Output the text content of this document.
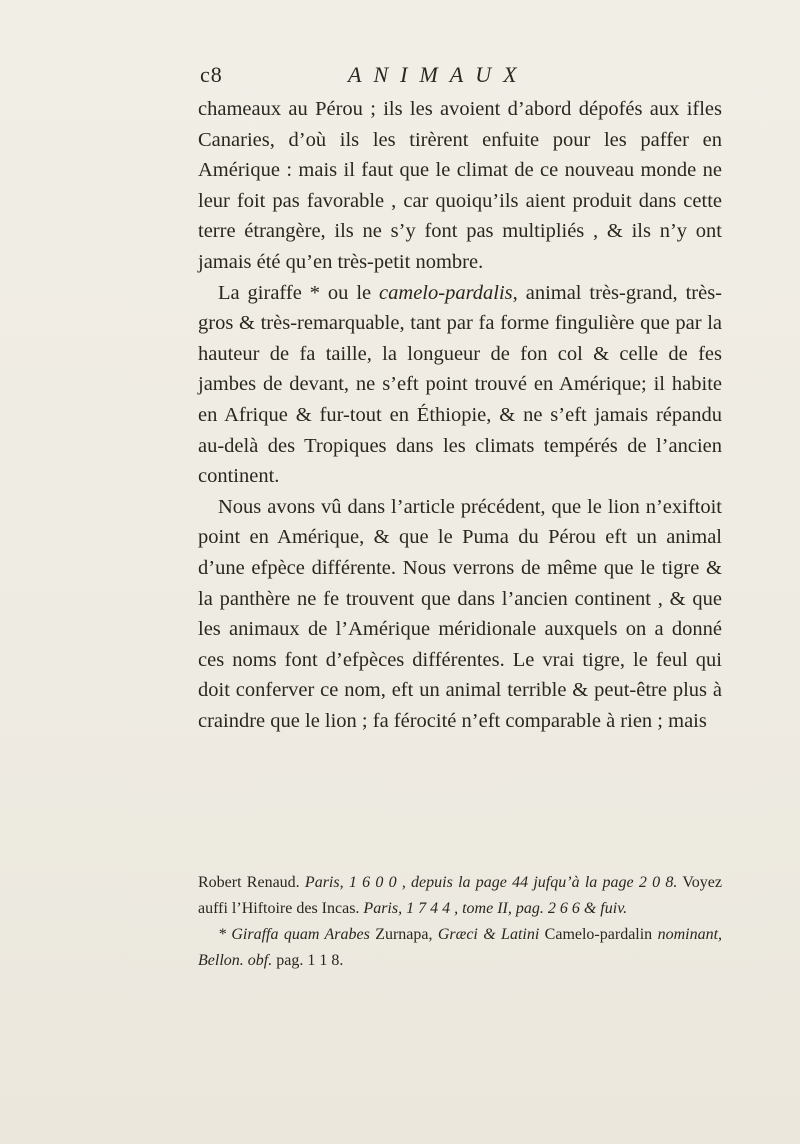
c8	ANIMAUX

chameaux au Pérou ; ils les avoient d’abord dépofés aux ifles Canaries, d’où ils les tirèrent enfuite pour les paffer en Amérique : mais il faut que le climat de ce nouveau monde ne leur foit pas favorable , car quoiqu’ils aient produit dans cette terre étrangère, ils ne s’y font pas multipliés , & ils n’y ont jamais été qu’en très-petit nombre.

La giraffe * ou le camelo-pardalis, animal très-grand, très-gros & très-remarquable, tant par fa forme fingulière que par la hauteur de fa taille, la longueur de fon col & celle de fes jambes de devant, ne s’eft point trouvé en Amérique; il habite en Afrique & fur-tout en Éthiopie, & ne s’eft jamais répandu au-delà des Tropiques dans les climats tempérés de l’ancien continent.

Nous avons vû dans l’article précédent, que le lion n’exiftoit point en Amérique, & que le Puma du Pérou eft un animal d’une efpèce différente. Nous verrons de même que le tigre & la panthère ne fe trouvent que dans l’ancien continent , & que les animaux de l’Amérique méridionale auxquels on a donné ces noms font d’efpèces différentes. Le vrai tigre, le feul qui doit conferver ce nom, eft un animal terrible & peut-être plus à craindre que le lion ; fa férocité n’eft comparable à rien ; mais

Robert Renaud. Paris, 1 6 0 0 , depuis la page 44 jufqu’à la page 2 0 8. Voyez auffi l’Hiftoire des Incas. Paris, 1 7 4 4 , tome II, pag. 2 6 6 & fuiv.

* Giraffa quam Arabes Zurnapa, Græci & Latini Camelo-pardalin nominant, Bellon. obf. pag. 1 1 8.
